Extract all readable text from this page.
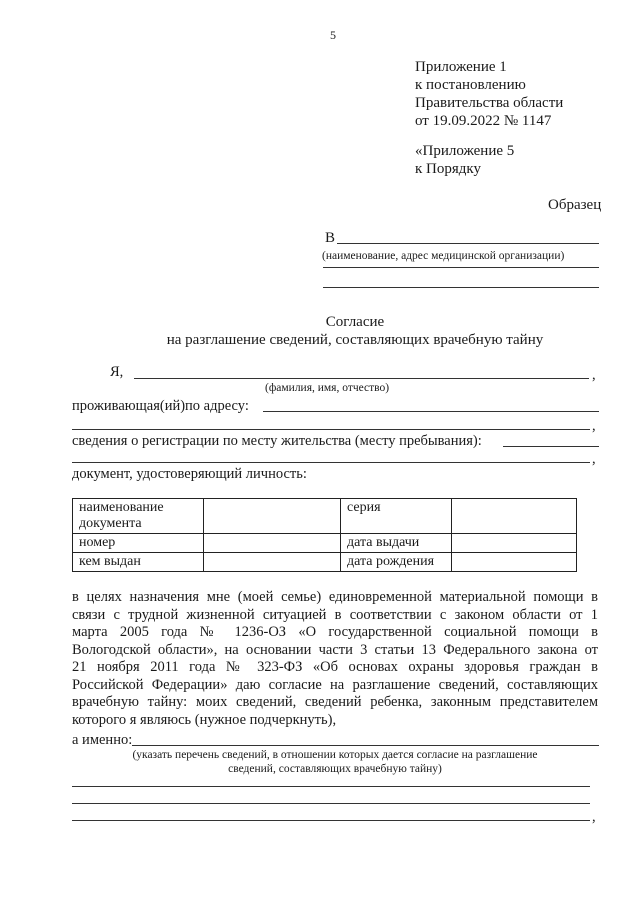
5
Приложение 1
к постановлению
Правительства области
от 19.09.2022 № 1147
«Приложение 5
к Порядку
Образец
В
(наименование, адрес медицинской организации)
Согласие
на разглашение сведений, составляющих врачебную тайну
Я,	,
(фамилия, имя, отчество)
проживающая(ий)по адресу:
,
сведения о регистрации по месту жительства (месту пребывания):
,
документ, удостоверяющий личность:
наименование документа		серия	
номер		дата выдачи	
кем выдан		дата рождения	
в целях назначения мне (моей семье) единовременной материальной помощи в
связи с трудной жизненной ситуацией в соответствии с законом области от 1
марта 2005 года № 1236-ОЗ «О государственной социальной помощи в
Вологодской области», на основании части 3 статьи 13 Федерального закона от
21 ноября 2011 года № 323-ФЗ «Об основах охраны здоровья граждан в
Российской Федерации» даю согласие на разглашение сведений, составляющих
врачебную тайну: моих сведений, сведений ребенка, законным представителем
которого я являюсь (нужное подчеркнуть),
а именно:
(указать перечень сведений, в отношении которых дается согласие на разглашение
сведений, составляющих врачебную тайну)
,
